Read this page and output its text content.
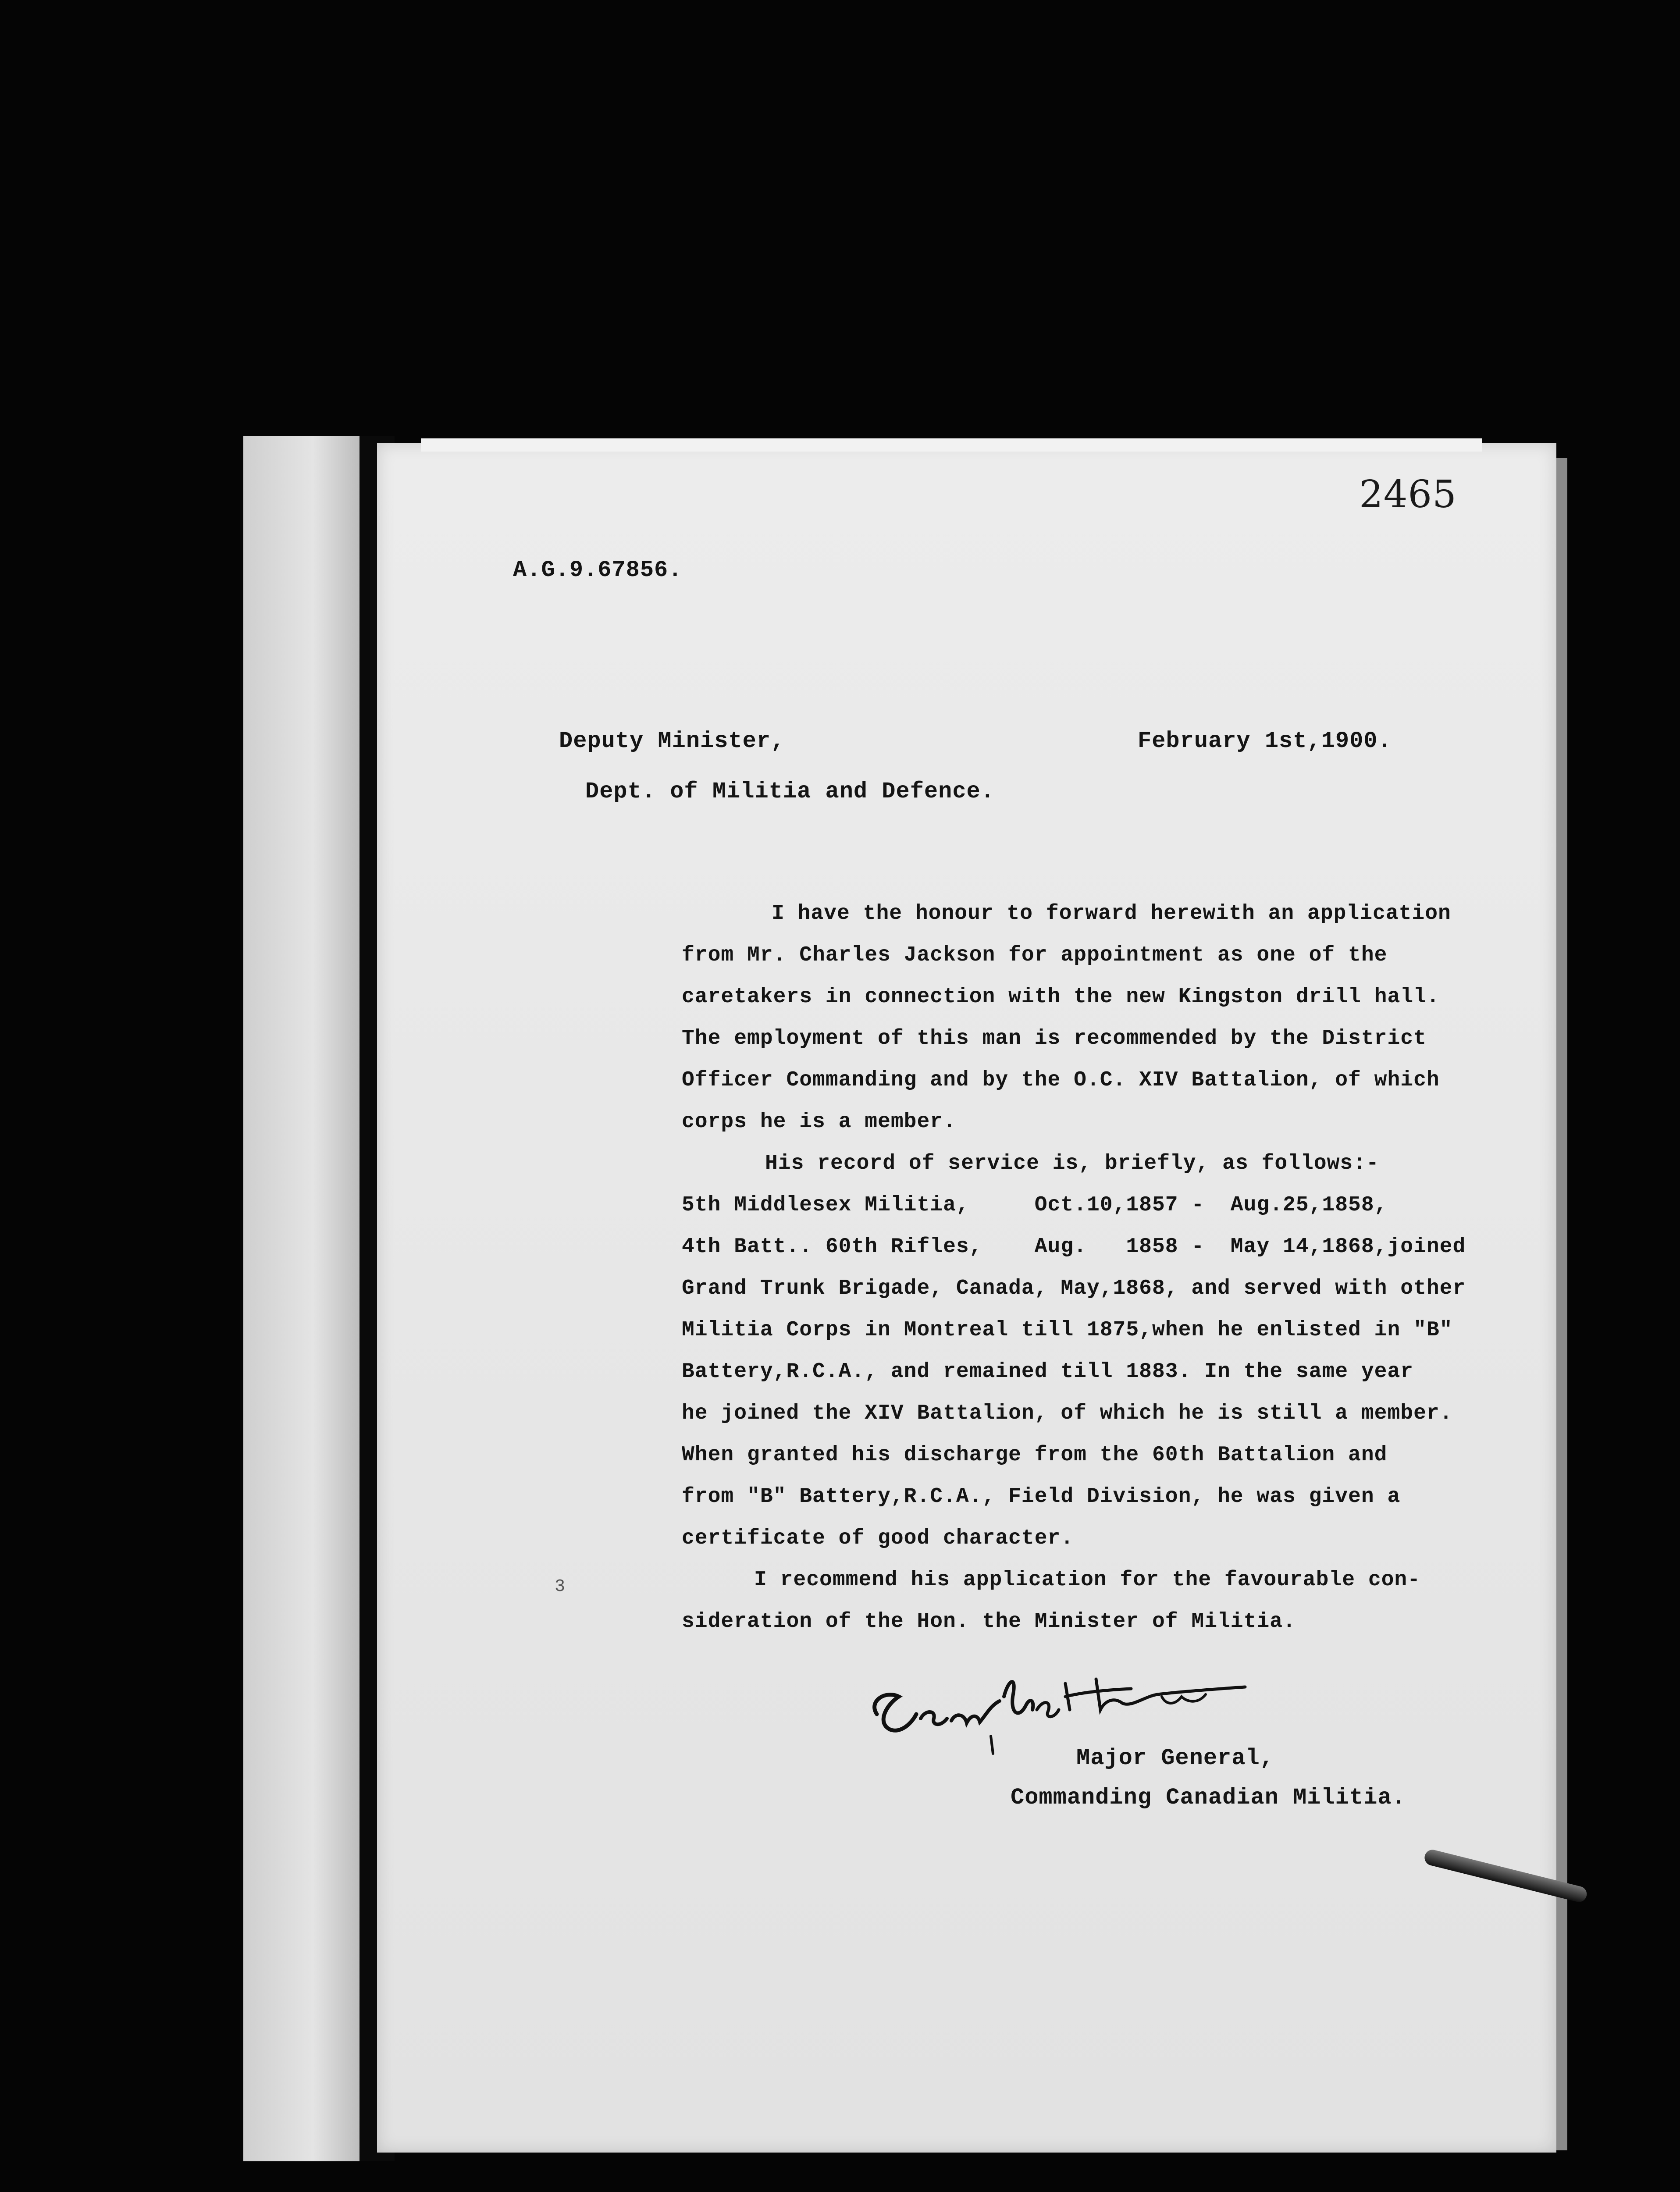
2465
A.G.9.67856.
Deputy Minister,	February 1st,1900.
Dept. of Militia and Defence.
I have the honour to forward herewith an application
from Mr. Charles Jackson for appointment as one of the
caretakers in connection with the new Kingston drill hall.
The employment of this man is recommended by the District
Officer Commanding and by the O.C. XIV Battalion, of which
corps he is a member.
His record of service is, briefly, as follows:-
5th Middlesex Militia,     Oct.10,1857 -  Aug.25,1858,
4th Batt.. 60th Rifles,    Aug.   1858 -  May 14,1868,joined
Grand Trunk Brigade, Canada, May,1868, and served with other
Militia Corps in Montreal till 1875,when he enlisted in "B"
Battery,R.C.A., and remained till 1883. In the same year
he joined the XIV Battalion, of which he is still a member.
When granted his discharge from the 60th Battalion and
from "B" Battery,R.C.A., Field Division, he was given a
certificate of good character.
I recommend his application for the favourable con-
sideration of the Hon. the Minister of Militia.
3
Major General,
Commanding Canadian Militia.
